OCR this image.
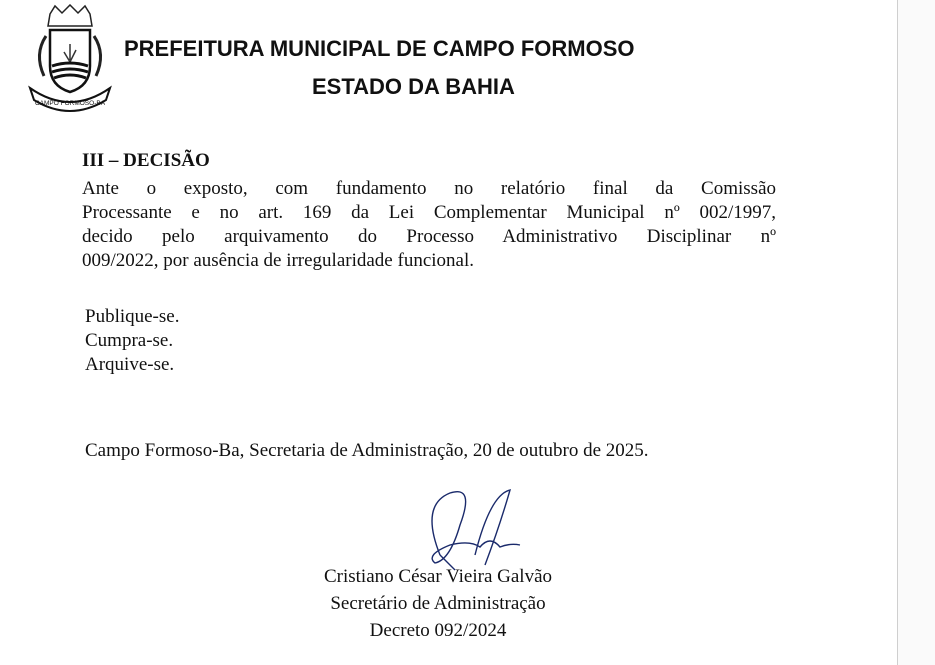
CAMPO FORMOSO-BA
PREFEITURA MUNICIPAL DE CAMPO FORMOSO
ESTADO DA BAHIA
III – DECISÃO
Ante o exposto, com fundamento no relatório final da Comissão
Processante e no art. 169 da Lei Complementar Municipal nº 002/1997,
decido pelo arquivamento do Processo Administrativo Disciplinar nº
009/2022, por ausência de irregularidade funcional.
Publique-se.
Cumpra-se.
Arquive-se.
Campo Formoso-Ba, Secretaria de Administração, 20 de outubro de 2025.
Cristiano César Vieira Galvão
Secretário de Administração
Decreto 092/2024
